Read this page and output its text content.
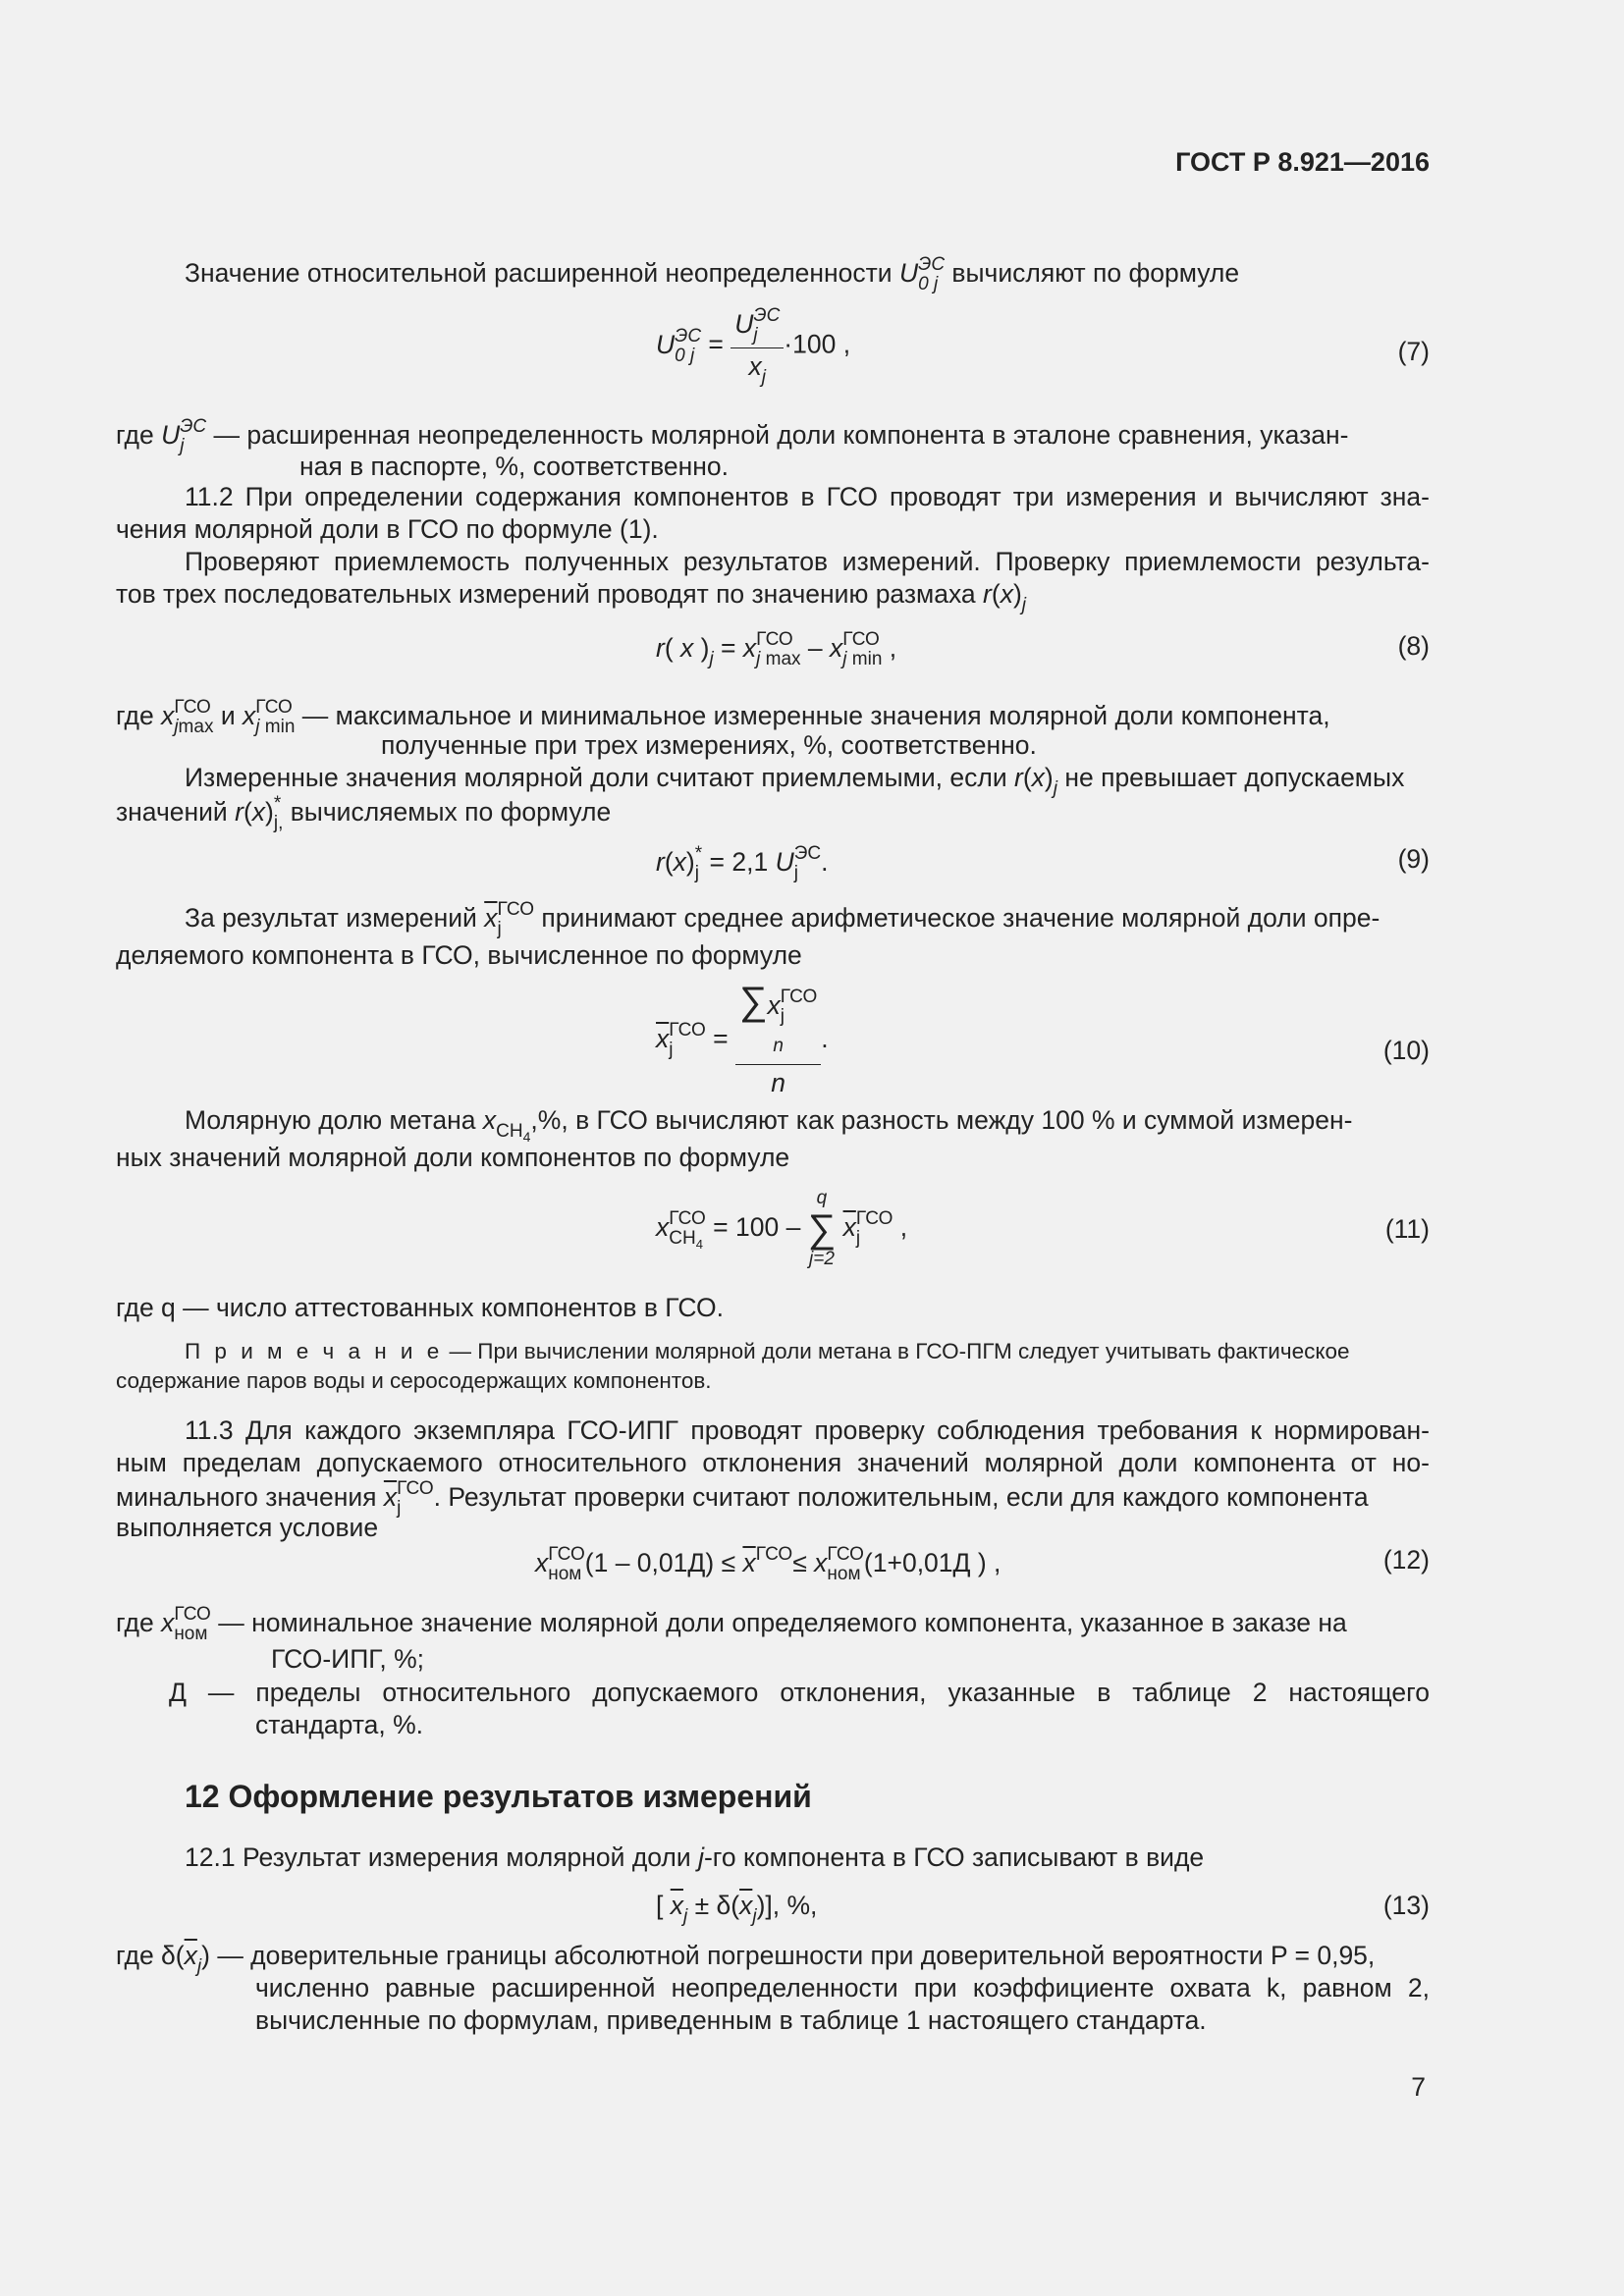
ГОСТ Р 8.921—2016
Значение относительной расширенной неопределенности U ЭС
0 j вычисляют по формуле
U ЭС
0 j = U ЭС
j
$x_j \cdot 100$ ,	(7)
где U ЭС
j	— расширенная неопределенность молярной доли компонента в эталоне сравнения, указан-
ная в паспорте, %, соответственно.
11.2 При определении содержания компонентов в ГСО проводят три измерения и вычисляют зна-
чения молярной доли в ГСО по формуле (1).
Проверяют приемлемость полученных результатов измерений. Проверку приемлемости результа-
тов трех последовательных измерений проводят по значению размаха $r(x)_j$
r( x )$_j = x$ ГСО
j max – x ГСО
j min ,	(8)
где x ГСО
jmax и x ГСО
j min — максимальное и минимальное измеренные значения молярной доли компонента,
полученные при трех измерениях, %, соответственно.
Измеренные значения молярной доли считают приемлемыми, если $r(x)_j$ не превышает допускаемых
значений r(x) *
j, вычисляемых по формуле
r(x) *
j = 2,1 U ЭС
j .	(9)
За результат измерений $\overline{x}$ ГСО
j	принимают среднее арифметическое значение молярной доли опре-
деляемого компонента в ГСО, вычисленное по формуле
$\overline{x}$ ГСО
j	=
∑x ГСО
j

n
n
.	(10)
Молярную долю метана $x_{CH_4},\%$, в ГСО вычисляют как разность между 100 % и суммой измерен-
ных значений молярной доли компонентов по формуле
x ГСО
$CH_4$
= 100 –
q
∑
j=2
$\overline{x}$ ГСО
j	,	(11)
где q — число аттестованных компонентов в ГСО.
П р и м е ч а н и е — При вычислении молярной доли метана в ГСО-ПГМ следует учитывать фактическое
содержание паров воды и серосодержащих компонентов.
11.3 Для каждого экземпляра ГСО-ИПГ проводят проверку соблюдения требования к нормирован-
ным пределам допускаемого относительного отклонения значений молярной доли компонента от но-
минального значения $\overline{x}$ ГСО
j	. Результат проверки считают положительным, если для каждого компонента
выполняется условие
x ГСО
ном $(1 - 0,01Д) \le \overline{x}^{ГСО}\le x$ ГСО
ном (1+0,01Д ) ,	(12)
где x ГСО
ном — номинальное значение молярной доли определяемого компонента, указанное в заказе на
ГСО-ИПГ, %;
Д — пределы относительного допускаемого отклонения, указанные в таблице 2 настоящего
стандарта, %.
12 Оформление результатов измерений
12.1 Результат измерения молярной доли j-го компонента в ГСО записывают в виде
[ $\overline{x}_j \pm \delta(\overline{x}_j)$], %,	(13)
где $\delta(\overline{x}_j)$ — доверительные границы абсолютной погрешности при доверительной вероятности P = 0,95,
численно равные расширенной неопределенности при коэффициенте охвата k, равном 2,
вычисленные по формулам, приведенным в таблице 1 настоящего стандарта.
7
